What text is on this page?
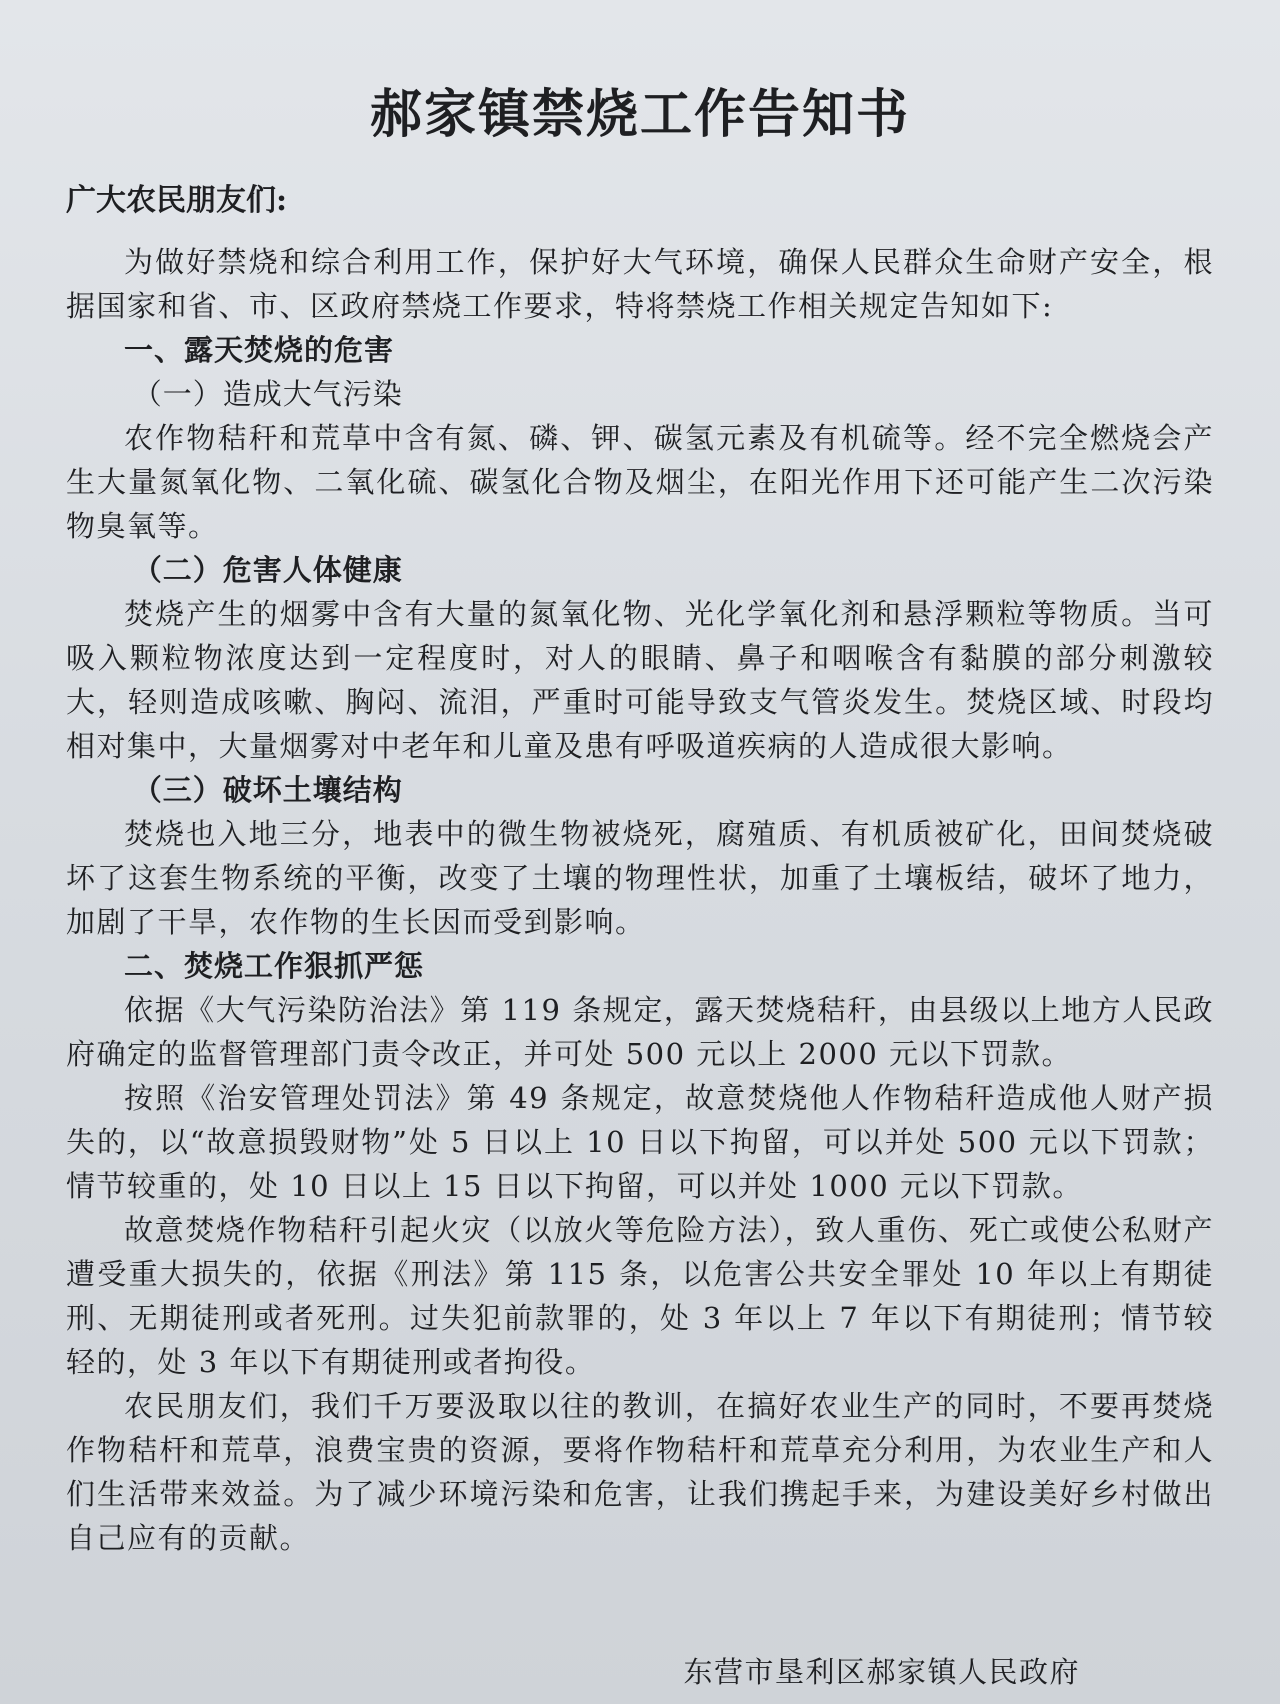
郝家镇禁烧工作告知书

广大农民朋友们:

为做好禁烧和综合利用工作，保护好大气环境，确保人民群众生命财产安全，根据国家和省、市、区政府禁烧工作要求，特将禁烧工作相关规定告知如下:

一、露天焚烧的危害

（一）造成大气污染

农作物秸秆和荒草中含有氮、磷、钾、碳氢元素及有机硫等。经不完全燃烧会产生大量氮氧化物、二氧化硫、碳氢化合物及烟尘，在阳光作用下还可能产生二次污染物臭氧等。

（二）危害人体健康

焚烧产生的烟雾中含有大量的氮氧化物、光化学氧化剂和悬浮颗粒等物质。当可吸入颗粒物浓度达到一定程度时，对人的眼睛、鼻子和咽喉含有黏膜的部分刺激较大，轻则造成咳嗽、胸闷、流泪，严重时可能导致支气管炎发生。焚烧区域、时段均相对集中，大量烟雾对中老年和儿童及患有呼吸道疾病的人造成很大影响。

（三）破坏土壤结构

焚烧也入地三分，地表中的微生物被烧死，腐殖质、有机质被矿化，田间焚烧破坏了这套生物系统的平衡，改变了土壤的物理性状，加重了土壤板结，破坏了地力，加剧了干旱，农作物的生长因而受到影响。

二、焚烧工作狠抓严惩

依据《大气污染防治法》第 119 条规定，露天焚烧秸秆，由县级以上地方人民政府确定的监督管理部门责令改正，并可处 500 元以上 2000 元以下罚款。

按照《治安管理处罚法》第 49 条规定，故意焚烧他人作物秸秆造成他人财产损失的，以“故意损毁财物”处 5 日以上 10 日以下拘留，可以并处 500 元以下罚款；情节较重的，处 10 日以上 15 日以下拘留，可以并处 1000 元以下罚款。

故意焚烧作物秸秆引起火灾（以放火等危险方法），致人重伤、死亡或使公私财产遭受重大损失的，依据《刑法》第 115 条，以危害公共安全罪处 10 年以上有期徒刑、无期徒刑或者死刑。过失犯前款罪的，处 3 年以上 7 年以下有期徒刑；情节较轻的，处 3 年以下有期徒刑或者拘役。

农民朋友们，我们千万要汲取以往的教训，在搞好农业生产的同时，不要再焚烧作物秸杆和荒草，浪费宝贵的资源，要将作物秸杆和荒草充分利用，为农业生产和人们生活带来效益。为了减少环境污染和危害，让我们携起手来，为建设美好乡村做出自己应有的贡献。

东营市垦利区郝家镇人民政府
